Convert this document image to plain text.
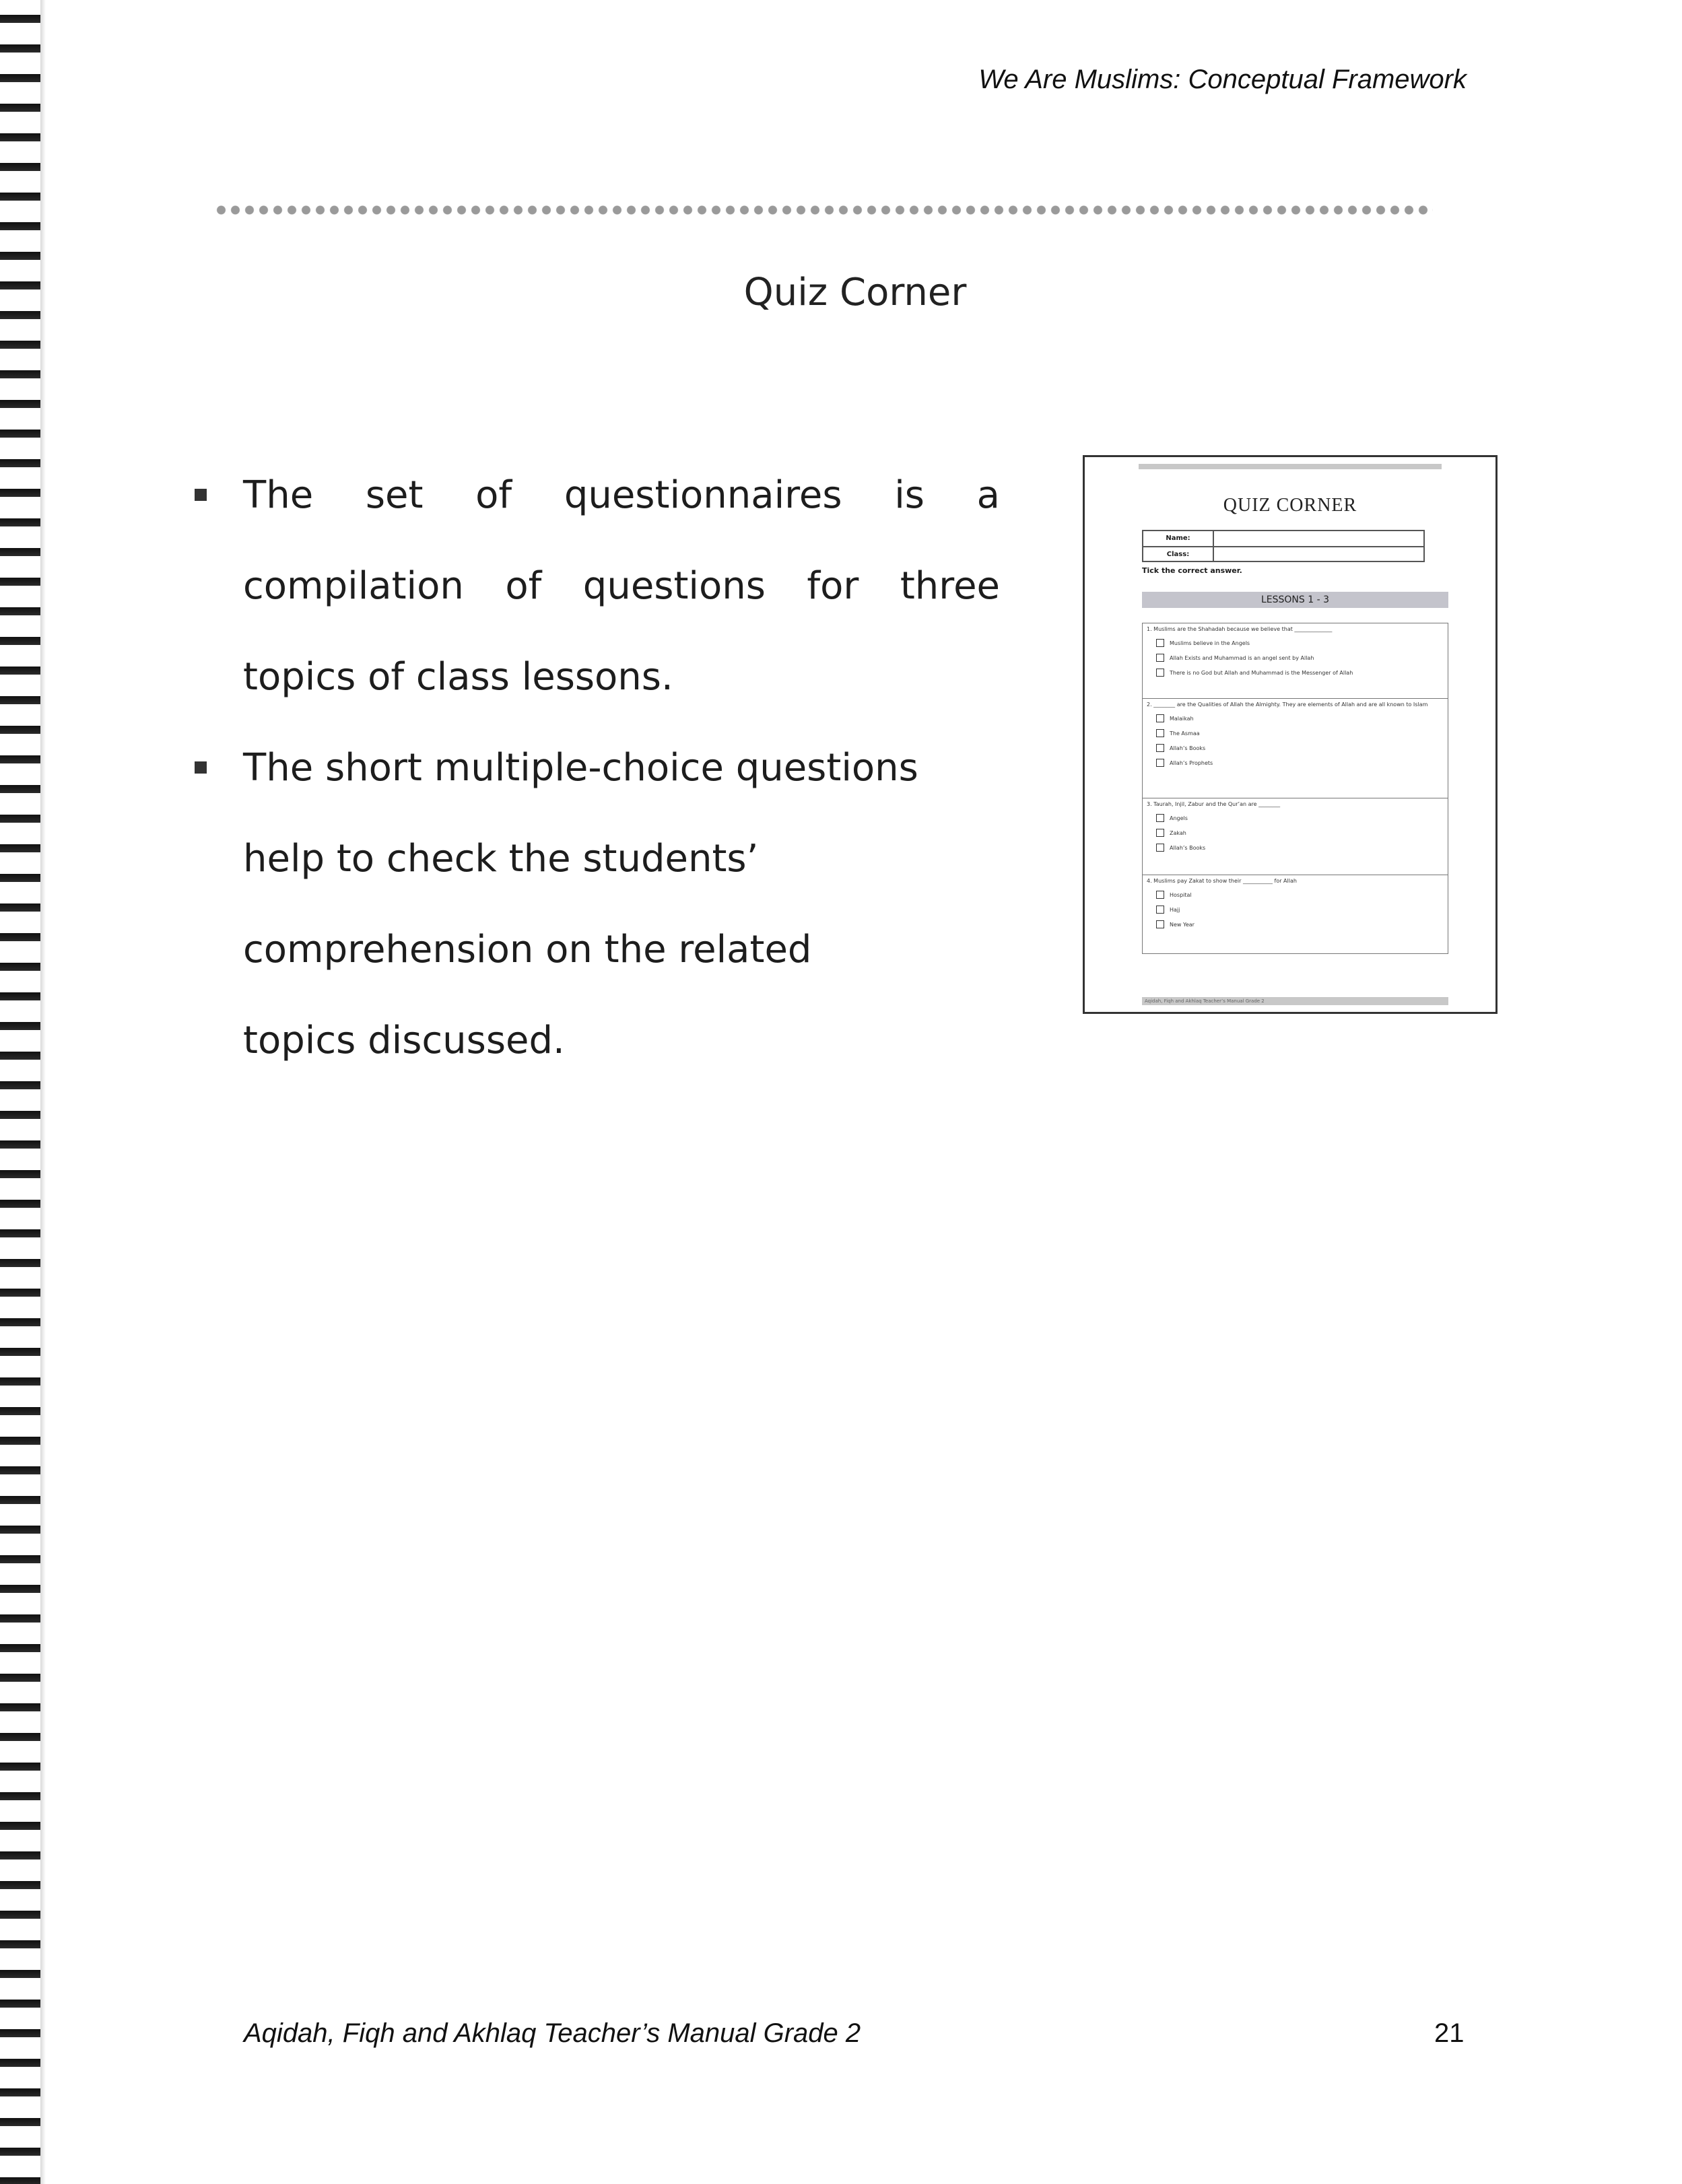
We Are Muslims: Conceptual Framework
Quiz Corner
The set of questionnaires is a compilation of questions for three topics of class lessons.
The short multiple-choice questions help to check the students’ comprehension on the related topics discussed.
QUIZ CORNER
Name:
Class:
Tick the correct answer.
LESSONS 1 - 3
1. Muslims are the Shahadah because we believe that ______________
Muslims believe in the Angels
Allah Exists and Muhammad is an angel sent by Allah
There is no God but Allah and Muhammad is the Messenger of Allah
2. ________ are the Qualities of Allah the Almighty. They are elements of Allah and are all known to Islam
Malaikah
The Asmaa
Allah’s Books
Allah’s Prophets
3. Taurah, Injil, Zabur and the Qur’an are ________
Angels
Zakah
Allah’s Books
4. Muslims pay Zakat to show their ___________ for Allah
Hospital
Hajj
New Year
Aqidah, Fiqh and Akhlaq Teacher’s Manual Grade 2
Aqidah, Fiqh and Akhlaq Teacher’s Manual Grade 2	21
